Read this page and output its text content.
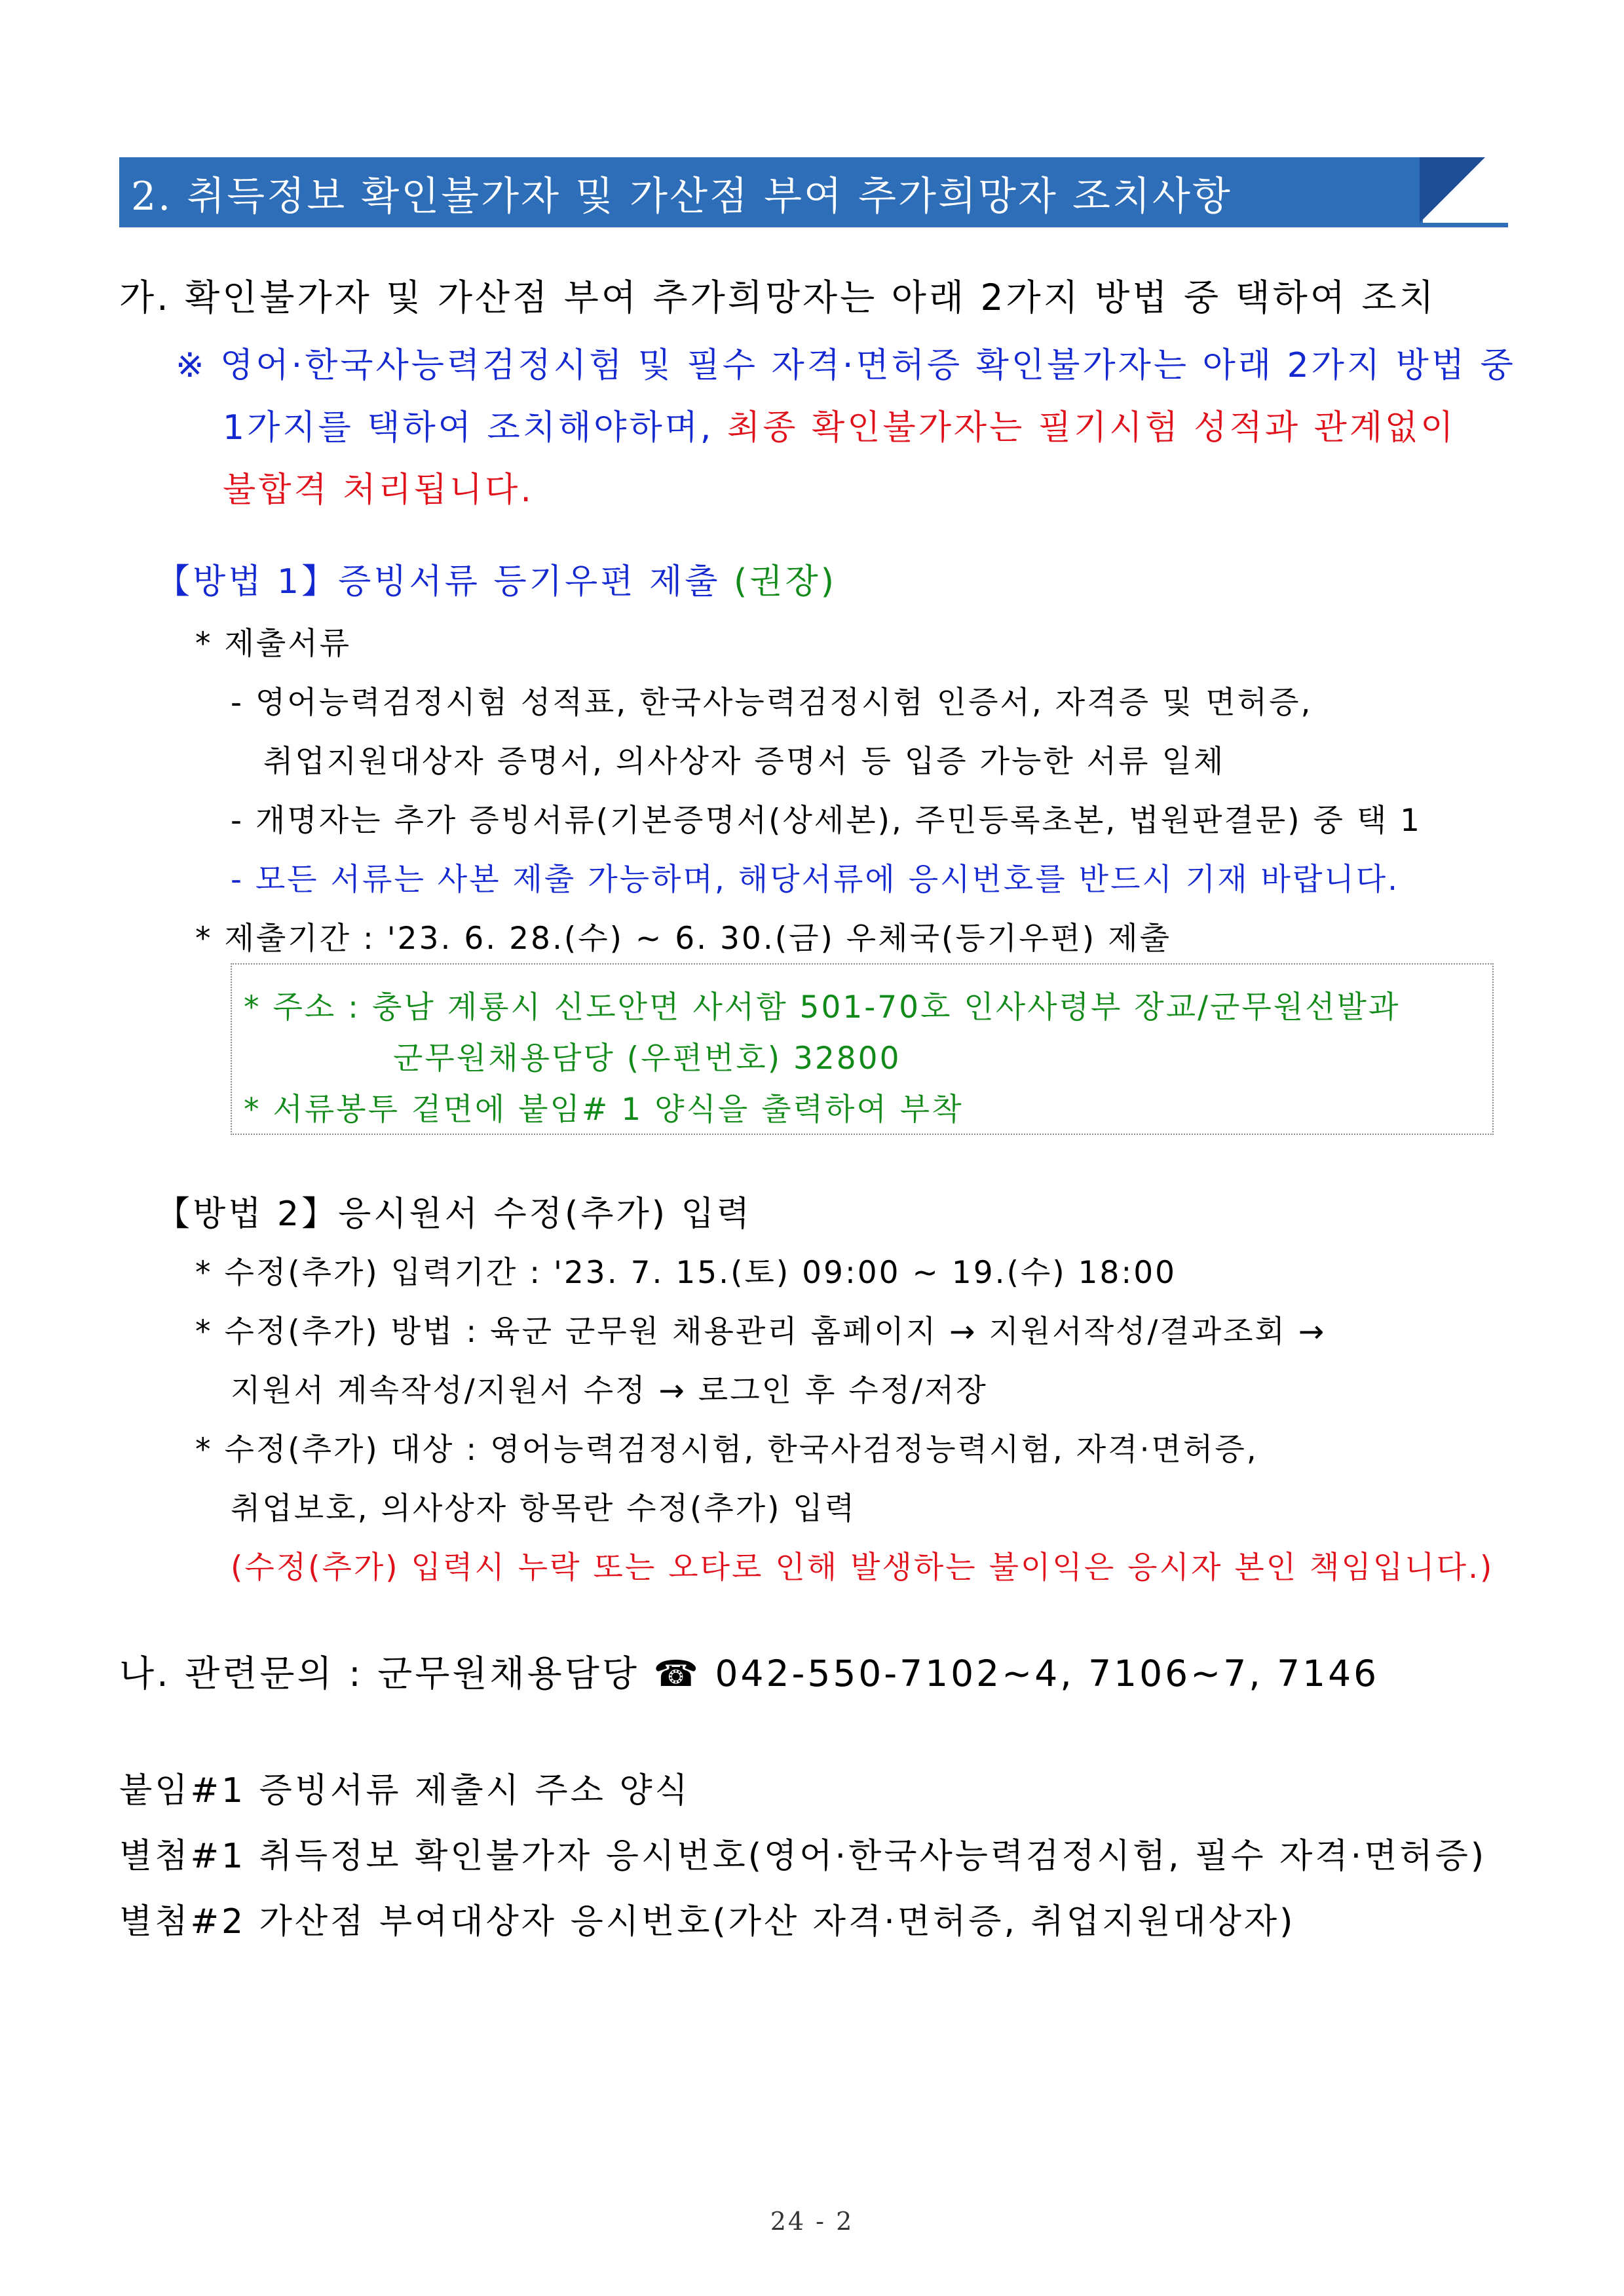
2. 취득정보 확인불가자 및 가산점 부여 추가희망자 조치사항
가. 확인불가자 및 가산점 부여 추가희망자는 아래 2가지 방법 중 택하여 조치
※ 영어·한국사능력검정시험 및 필수 자격·면허증 확인불가자는 아래 2가지 방법 중
1가지를 택하여 조치해야하며, 최종 확인불가자는 필기시험 성적과 관계없이
불합격 처리됩니다.
【방법 1】증빙서류 등기우편 제출 (권장)
* 제출서류
- 영어능력검정시험 성적표, 한국사능력검정시험 인증서, 자격증 및 면허증,
취업지원대상자 증명서, 의사상자 증명서 등 입증 가능한 서류 일체
- 개명자는 추가 증빙서류(기본증명서(상세본), 주민등록초본, 법원판결문) 중 택 1
- 모든 서류는 사본 제출 가능하며, 해당서류에 응시번호를 반드시 기재 바랍니다.
* 제출기간 : '23. 6. 28.(수) ~ 6. 30.(금) 우체국(등기우편) 제출
* 주소 : 충남 계룡시 신도안면 사서함 501-70호 인사사령부 장교/군무원선발과
군무원채용담당 (우편번호) 32800
* 서류봉투 겉면에 붙임# 1 양식을 출력하여 부착
【방법 2】응시원서 수정(추가) 입력
* 수정(추가) 입력기간 : '23. 7. 15.(토) 09:00 ~ 19.(수) 18:00
* 수정(추가) 방법 : 육군 군무원 채용관리 홈페이지 → 지원서작성/결과조회 →
지원서 계속작성/지원서 수정 → 로그인 후 수정/저장
* 수정(추가) 대상 : 영어능력검정시험, 한국사검정능력시험, 자격·면허증,
취업보호, 의사상자 항목란 수정(추가) 입력
(수정(추가) 입력시 누락 또는 오타로 인해 발생하는 불이익은 응시자 본인 책임입니다.)
나. 관련문의 : 군무원채용담당 ☎ 042-550-7102~4, 7106~7, 7146
붙임#1 증빙서류 제출시 주소 양식
별첨#1 취득정보 확인불가자 응시번호(영어·한국사능력검정시험, 필수 자격·면허증)
별첨#2 가산점 부여대상자 응시번호(가산 자격·면허증, 취업지원대상자)
24 - 2
